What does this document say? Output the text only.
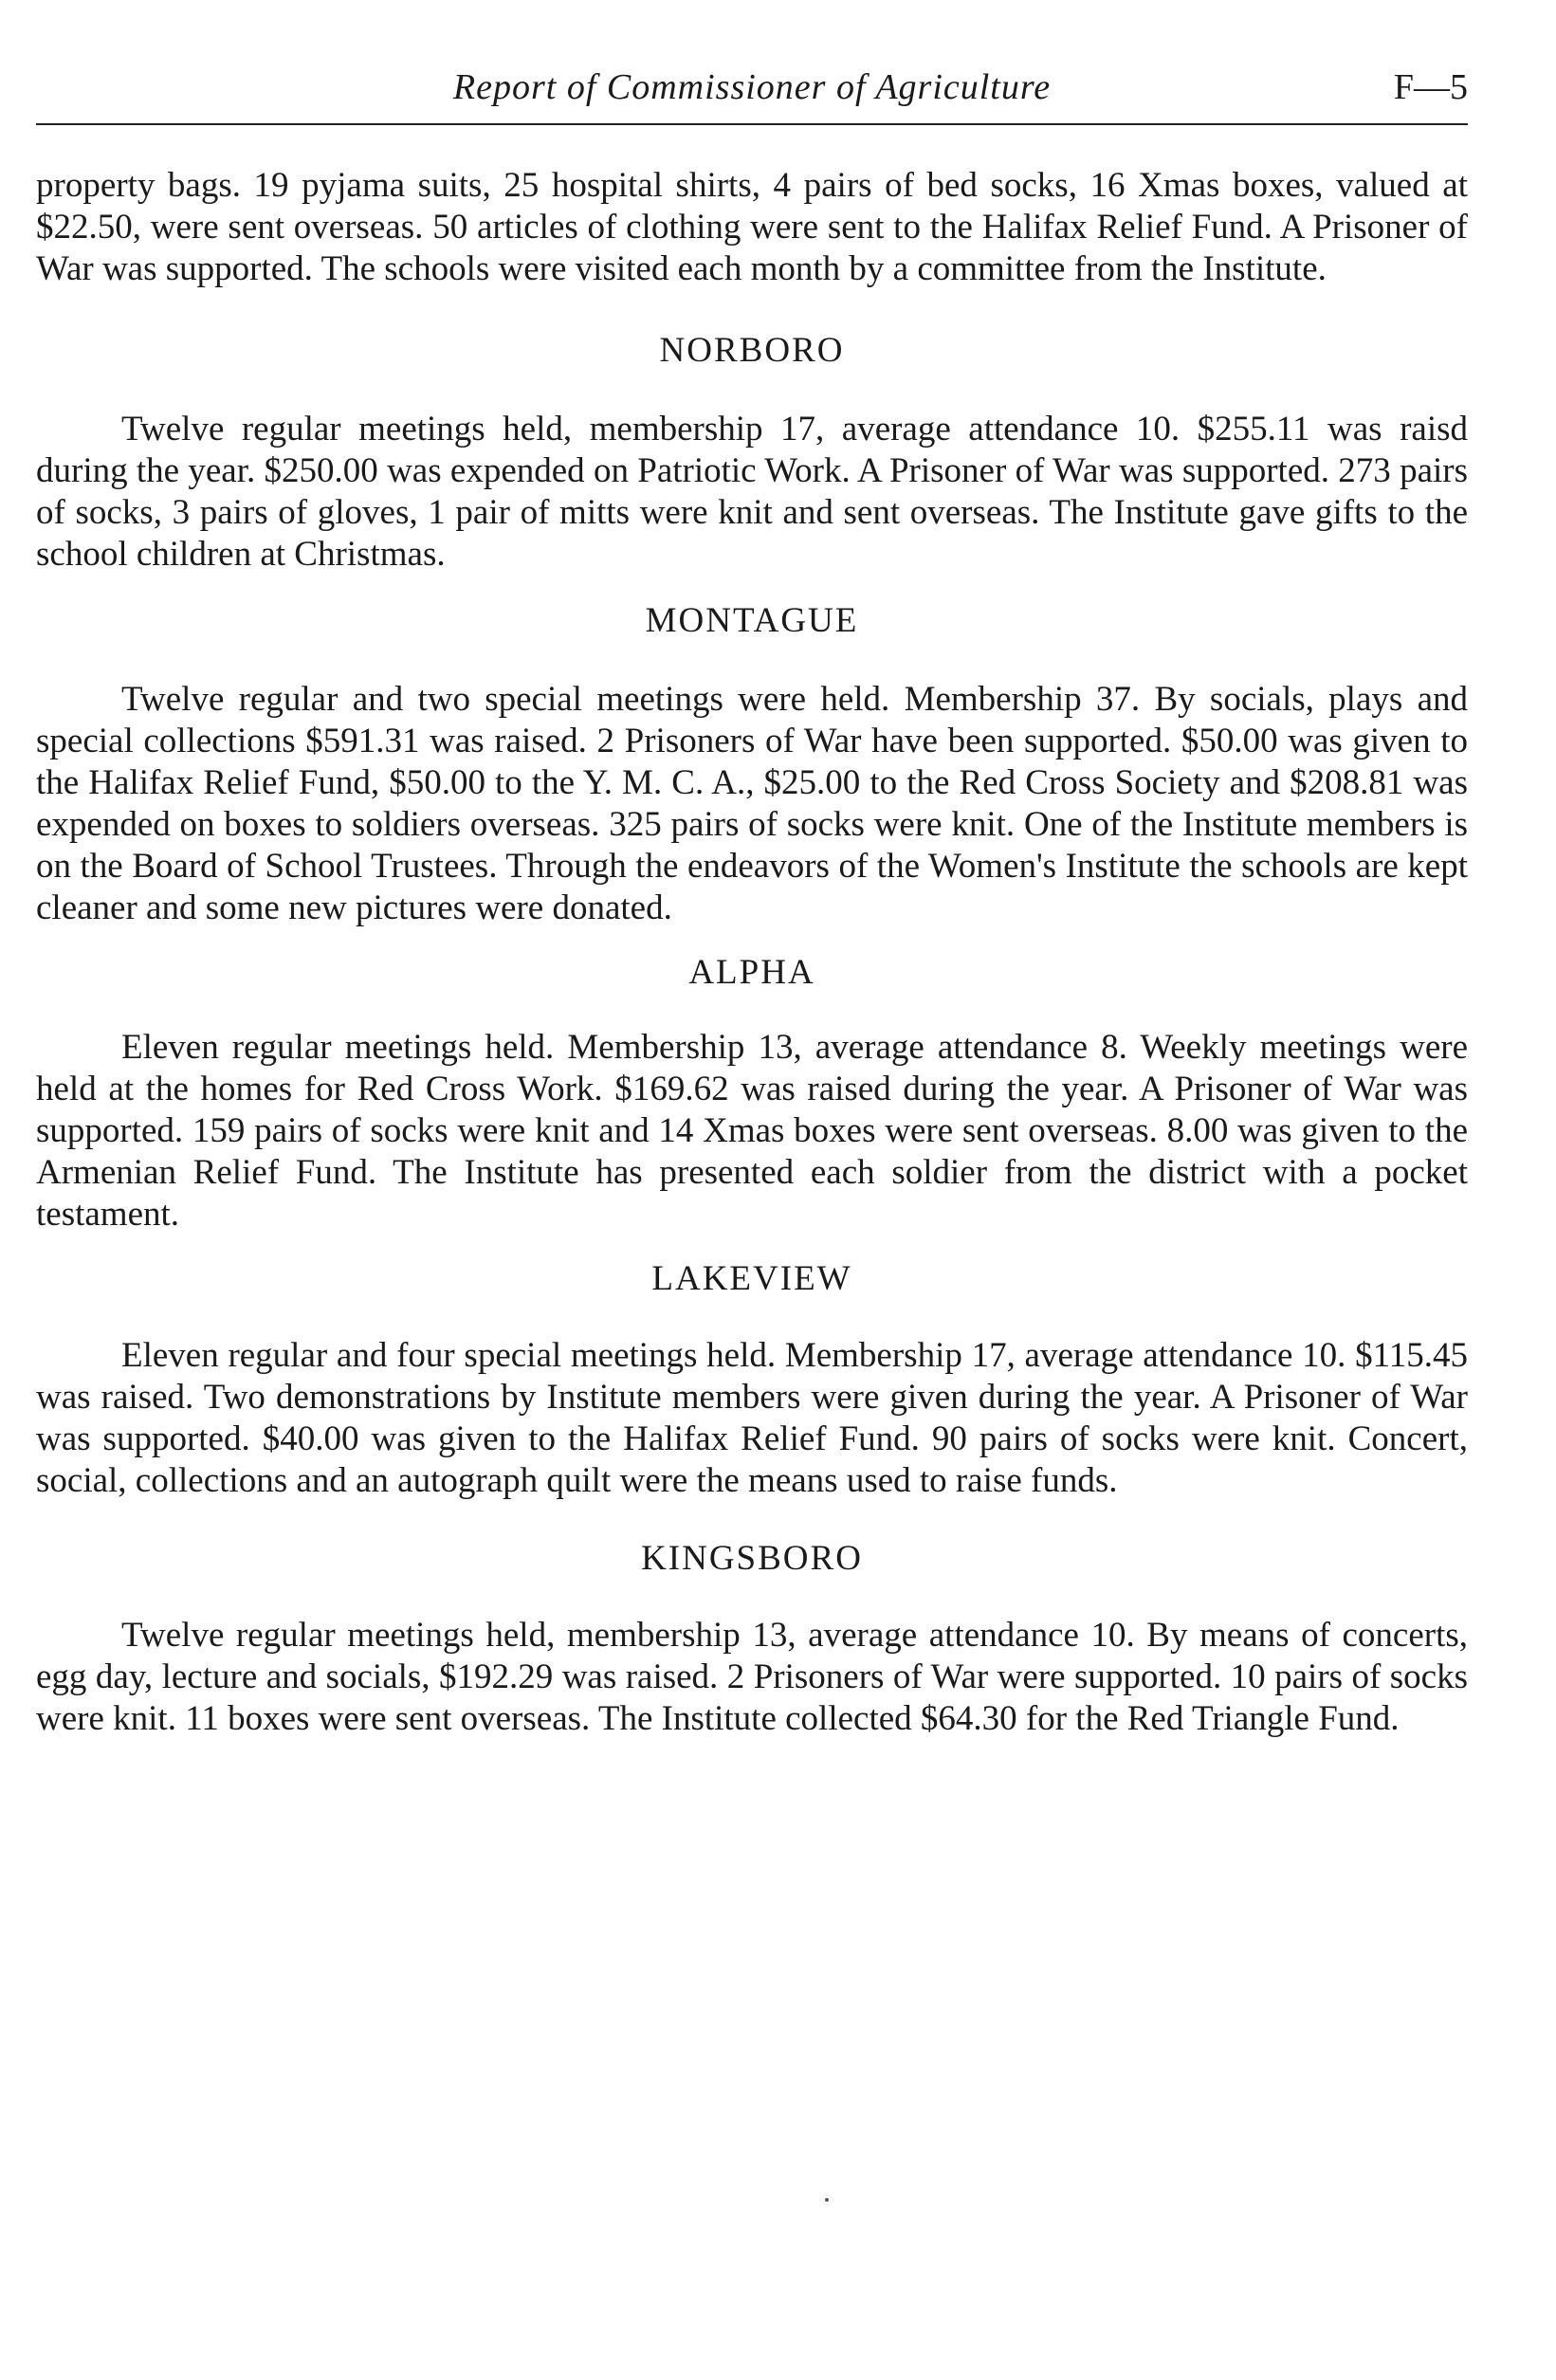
Report of Commissioner of Agriculture	F—5

property bags. 19 pyjama suits, 25 hospital shirts, 4 pairs of bed socks, 16 Xmas boxes, valued at $22.50, were sent overseas. 50 articles of clothing were sent to the Halifax Relief Fund. A Prisoner of War was supported. The schools were visited each month by a committee from the Institute.

NORBORO

Twelve regular meetings held, membership 17, average attendance 10. $255.11 was raisd during the year. $250.00 was expended on Patriotic Work. A Prisoner of War was supported. 273 pairs of socks, 3 pairs of gloves, 1 pair of mitts were knit and sent overseas. The Institute gave gifts to the school children at Christmas.

MONTAGUE

Twelve regular and two special meetings were held. Membership 37. By socials, plays and special collections $591.31 was raised. 2 Prisoners of War have been supported. $50.00 was given to the Halifax Relief Fund, $50.00 to the Y. M. C. A., $25.00 to the Red Cross Society and $208.81 was expended on boxes to soldiers overseas. 325 pairs of socks were knit. One of the Institute members is on the Board of School Trustees. Through the endeavors of the Women's Institute the schools are kept cleaner and some new pictures were donated.

ALPHA

Eleven regular meetings held. Membership 13, average attendance 8. Weekly meetings were held at the homes for Red Cross Work. $169.62 was raised during the year. A Prisoner of War was supported. 159 pairs of socks were knit and 14 Xmas boxes were sent overseas. 8.00 was given to the Armenian Relief Fund. The Institute has presented each soldier from the district with a pocket testament.

LAKEVIEW

Eleven regular and four special meetings held. Membership 17, average attendance 10. $115.45 was raised. Two demonstrations by Institute members were given during the year. A Prisoner of War was supported. $40.00 was given to the Halifax Relief Fund. 90 pairs of socks were knit. Concert, social, collections and an autograph quilt were the means used to raise funds.

KINGSBORO

Twelve regular meetings held, membership 13, average attendance 10. By means of concerts, egg day, lecture and socials, $192.29 was raised. 2 Prisoners of War were supported. 10 pairs of socks were knit. 11 boxes were sent overseas. The Institute collected $64.30 for the Red Triangle Fund.
